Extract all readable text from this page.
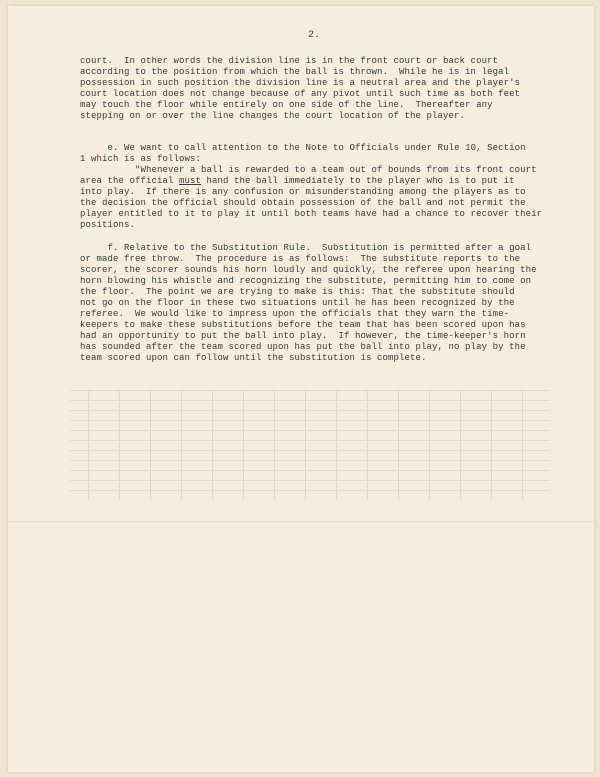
2.
court.  In other words the division line is in the front court or back court
according to the position from which the ball is thrown.  While he is in legal
possession in such position the division line is a neutral area and the player's
court location does not change because of any pivot until such time as both feet
may touch the floor while entirely on one side of the line.  Thereafter any
stepping on or over the line changes the court location of the player.
e. We want to call attention to the Note to Officials under Rule 10, Section
1 which is as follows:
"Whenever a ball is rewarded to a team out of bounds from its front court
area the official must hand the ball immediately to the player who is to put it
into play.  If there is any confusion or misunderstanding among the players as to
the decision the official should obtain possession of the ball and not permit the
player entitled to it to play it until both teams have had a chance to recover their
positions.
f. Relative to the Substitution Rule.  Substitution is permitted after a goal
or made free throw.  The procedure is as follows:  The substitute reports to the
scorer, the scorer sounds his horn loudly and quickly, the referee upon hearing the
horn blowing his whistle and recognizing the substitute, permitting him to come on
the floor.  The point we are trying to make is this: That the substitute should
not go on the floor in these two situations until he has been recognized by the
referee.  We would like to impress upon the officials that they warn the time-
keepers to make these substitutions before the team that has been scored upon has
had an opportunity to put the ball into play.  If however, the time-keeper's horn
has sounded after the team scored upon has put the ball into play, no play by the
team scored upon can follow until the substitution is complete.
